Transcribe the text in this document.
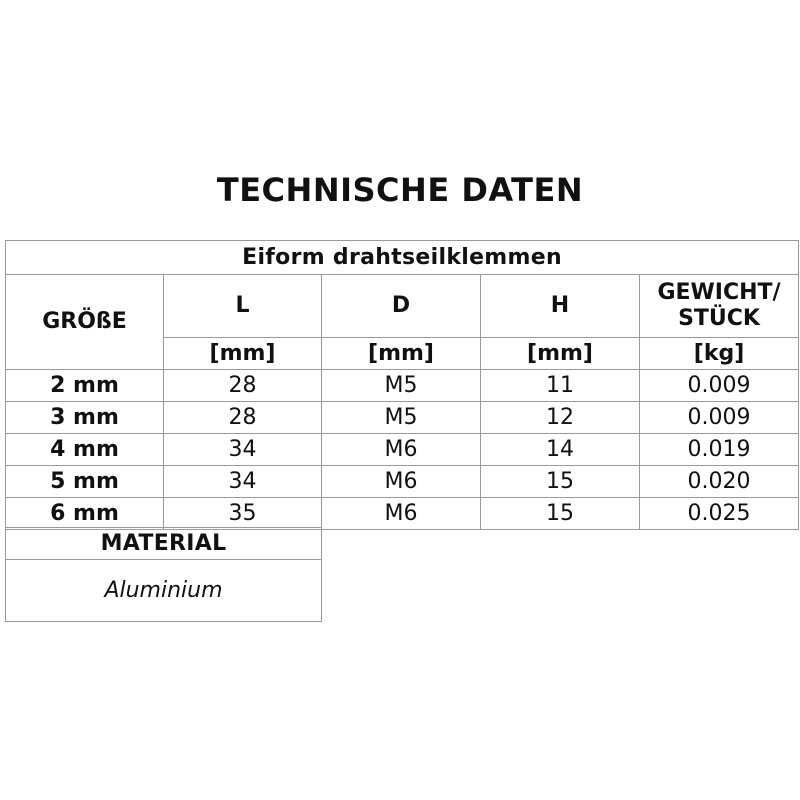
TECHNISCHE DATEN
Eiform drahtseilklemmen				
GRÖßE	L	D	H	GEWICHT/
STÜCK

	[mm]	[mm]	[mm]	[kg]
2 mm	28	M5	11	0.009
3 mm	28	M5	12	0.009
4 mm	34	M6	14	0.019
5 mm	34	M6	15	0.020
6 mm	35	M6	15	0.025
MATERIAL
Aluminium
